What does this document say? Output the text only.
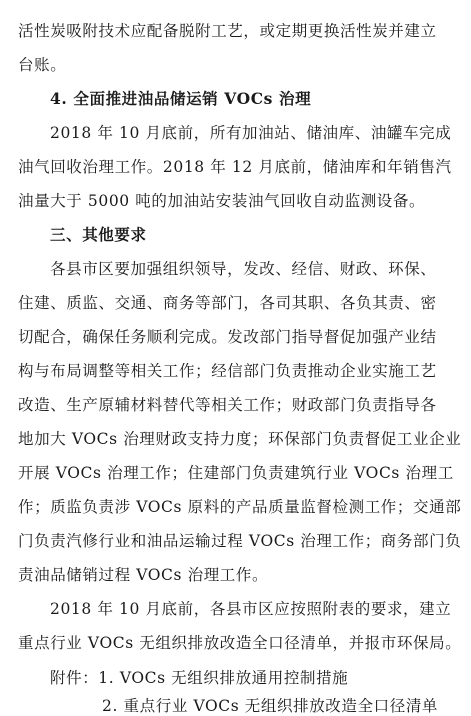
活性炭吸附技术应配备脱附工艺，或定期更换活性炭并建立
台账。
4. 全面推进油品储运销 VOCs 治理
2018 年 10 月底前，所有加油站、储油库、油罐车完成
油气回收治理工作。2018 年 12 月底前，储油库和年销售汽
油量大于 5000 吨的加油站安装油气回收自动监测设备。
三、其他要求
各县市区要加强组织领导，发改、经信、财政、环保、
住建、质监、交通、商务等部门，各司其职、各负其责、密
切配合，确保任务顺利完成。发改部门指导督促加强产业结
构与布局调整等相关工作；经信部门负责推动企业实施工艺
改造、生产原辅材料替代等相关工作；财政部门负责指导各
地加大 VOCs 治理财政支持力度；环保部门负责督促工业企业
开展 VOCs 治理工作；住建部门负责建筑行业 VOCs 治理工
作；质监负责涉 VOCs 原料的产品质量监督检测工作；交通部
门负责汽修行业和油品运输过程 VOCs 治理工作；商务部门负
责油品储销过程 VOCs 治理工作。
2018 年 10 月底前，各县市区应按照附表的要求，建立
重点行业 VOCs 无组织排放改造全口径清单，并报市环保局。
附件：1. VOCs 无组织排放通用控制措施
2. 重点行业 VOCs 无组织排放改造全口径清单
